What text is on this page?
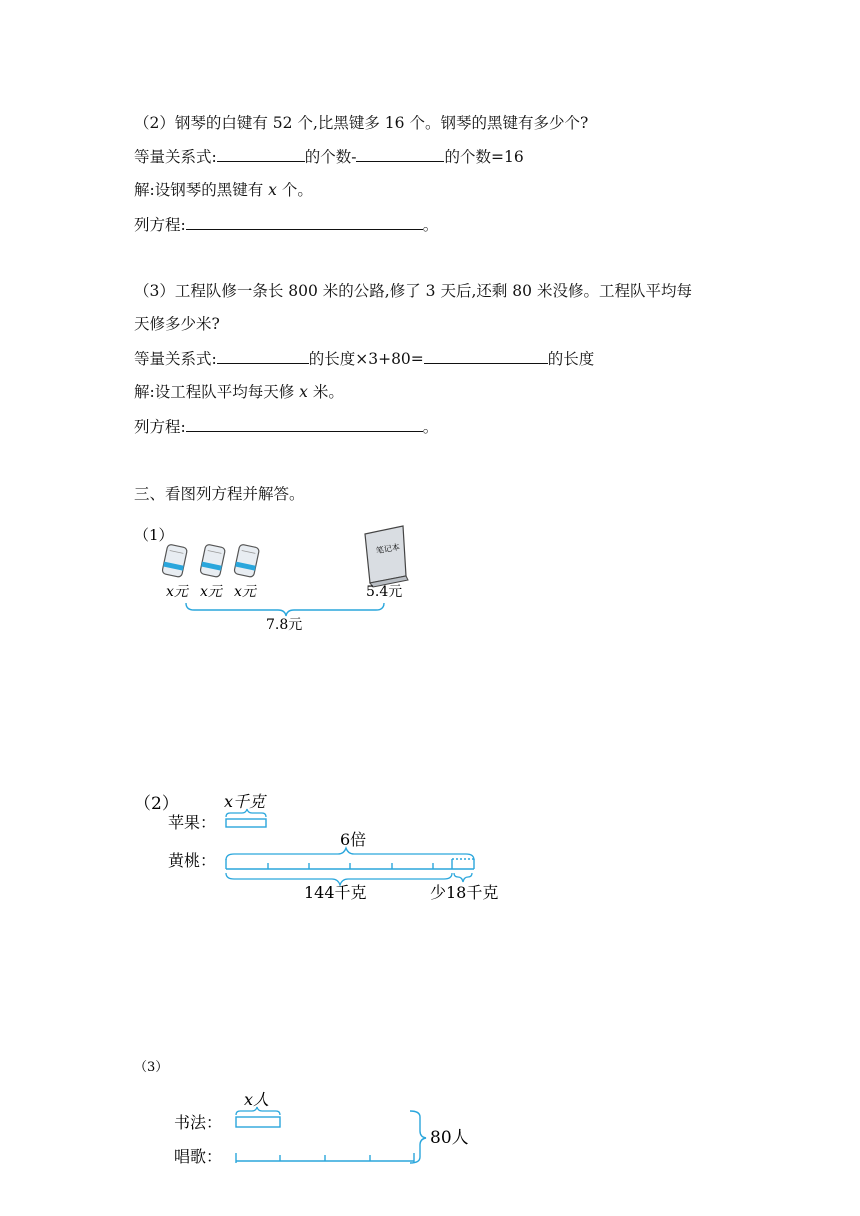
（2）钢琴的白键有 52 个,比黑键多 16 个。钢琴的黑键有多少个?
等量关系式:	的个数-	的个数=16
解:设钢琴的黑键有 x 个。
列方程:	。
（3）工程队修一条长 800 米的公路,修了 3 天后,还剩 80 米没修。工程队平均每
天修多少米?
等量关系式:	的长度×3+80=	的长度
解:设工程队平均每天修 x 米。
列方程:	。
三、看图列方程并解答。
（1）
x元 x元 x元
笔记本
5.4元
7.8元
（2）	x千克
苹果：
6倍
黄桃：
144千克	少18千克
（3）
x人
书法：
唱歌：
80人
